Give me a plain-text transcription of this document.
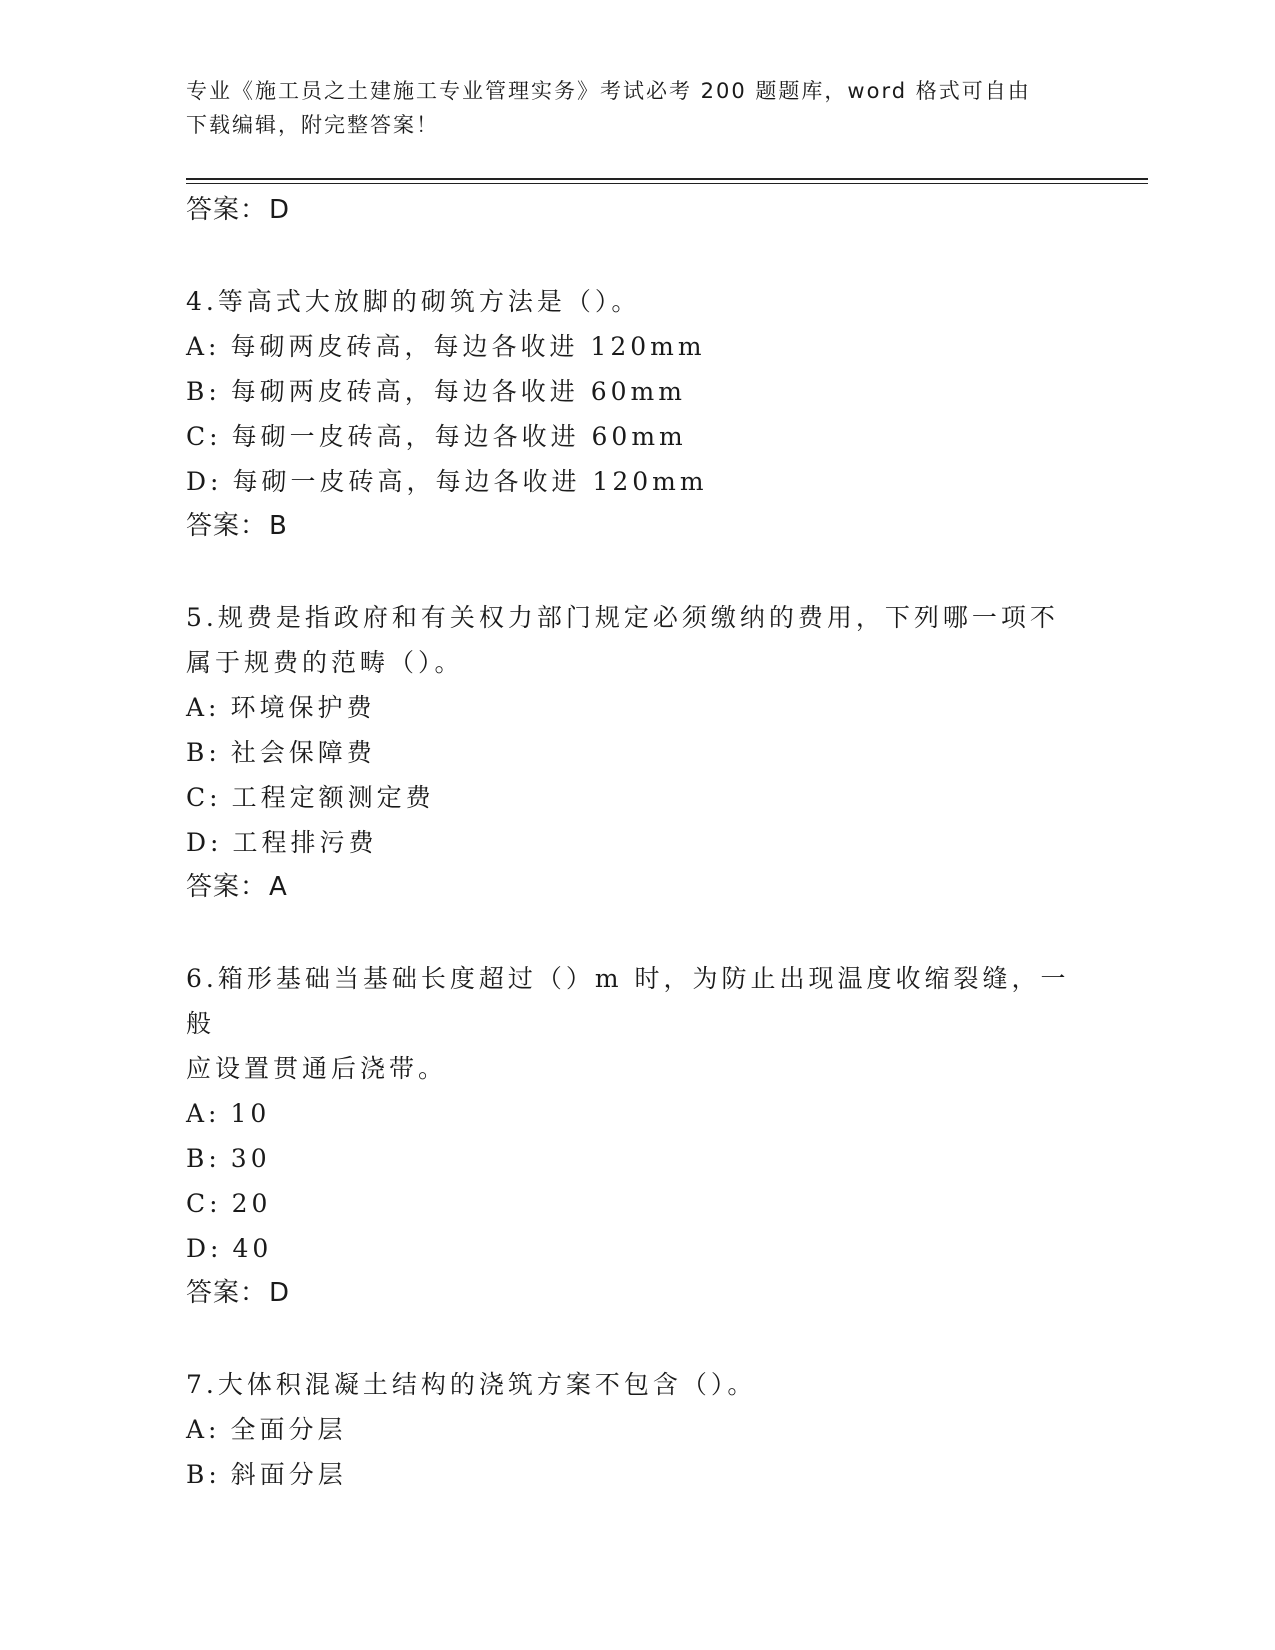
专业《施工员之土建施工专业管理实务》考试必考 200 题题库，word 格式可自由
下载编辑，附完整答案！
答案：D
4.等高式大放脚的砌筑方法是（）。
A: 每砌两皮砖高，每边各收进 120mm
B: 每砌两皮砖高，每边各收进 60mm
C: 每砌一皮砖高，每边各收进 60mm
D: 每砌一皮砖高，每边各收进 120mm
答案：B
5.规费是指政府和有关权力部门规定必须缴纳的费用，下列哪一项不
属于规费的范畴（）。
A: 环境保护费
B: 社会保障费
C: 工程定额测定费
D: 工程排污费
答案：A
6.箱形基础当基础长度超过（）m 时，为防止出现温度收缩裂缝，一般
应设置贯通后浇带。
A: 10
B: 30
C: 20
D: 40
答案：D
7.大体积混凝土结构的浇筑方案不包含（）。
A: 全面分层
B: 斜面分层
